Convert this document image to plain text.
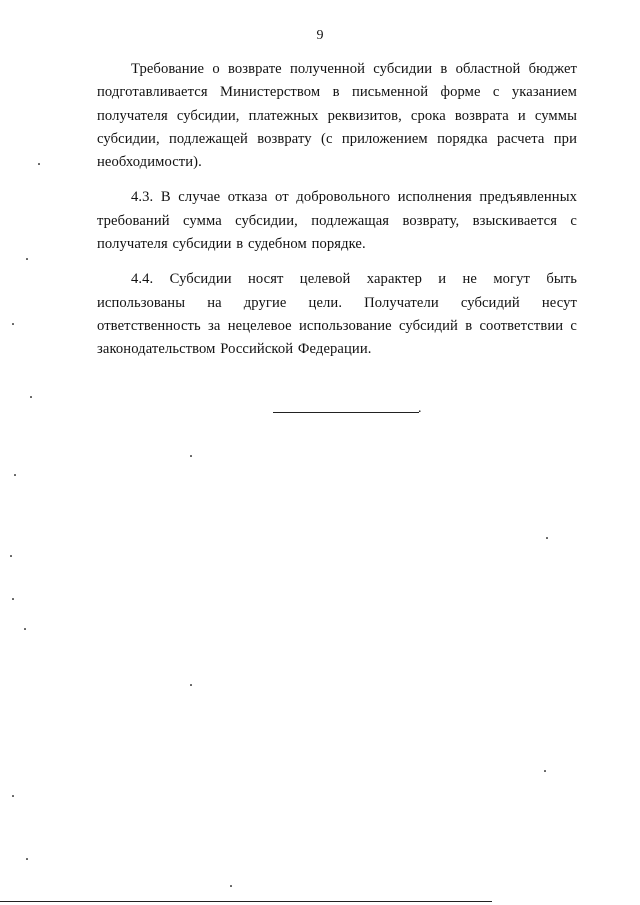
9

Требование о возврате полученной субсидии в областной бюджет подготавливается Министерством в письменной форме с указанием получателя субсидии, платежных реквизитов, срока возврата и суммы субсидии, подлежащей возврату (с приложением порядка расчета при необходимости).

4.3. В случае отказа от добровольного исполнения предъявленных требований сумма субсидии, подлежащая возврату, взыскивается с получателя субсидии в судебном порядке.

4.4. Субсидии носят целевой характер и не могут быть использованы на другие цели. Получатели субсидий несут ответственность за нецелевое использование субсидий в соответствии с законодательством Российской Федерации.

.
